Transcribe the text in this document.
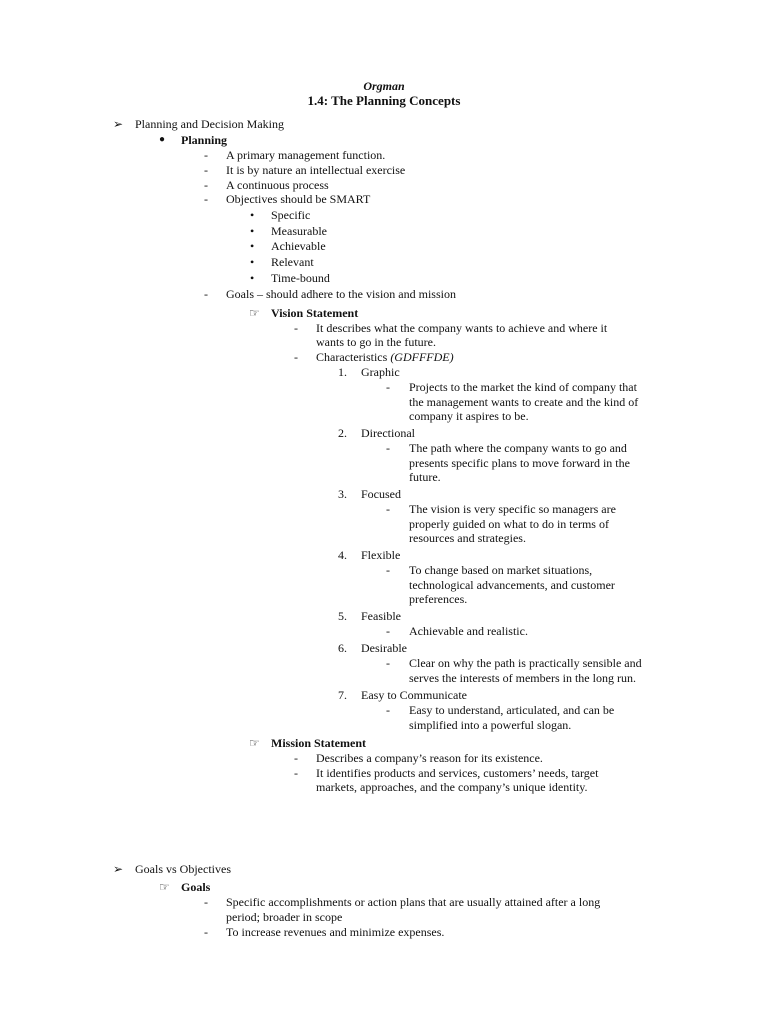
Orgman
1.4: The Planning Concepts
➢ Planning and Decision Making
● Planning
- A primary management function.
- It is by nature an intellectual exercise
- A continuous process
- Objectives should be SMART
• Specific
• Measurable
• Achievable
• Relevant
• Time-bound
- Goals – should adhere to the vision and mission
☞ Vision Statement
- It describes what the company wants to achieve and where it
wants to go in the future.
- Characteristics (GDFFFDE)
1. Graphic
- Projects to the market the kind of company that
the management wants to create and the kind of
company it aspires to be.
2. Directional
- The path where the company wants to go and
presents specific plans to move forward in the
future.
3. Focused
- The vision is very specific so managers are
properly guided on what to do in terms of
resources and strategies.
4. Flexible
- To change based on market situations,
technological advancements, and customer
preferences.
5. Feasible
- Achievable and realistic.
6. Desirable
- Clear on why the path is practically sensible and
serves the interests of members in the long run.
7. Easy to Communicate
- Easy to understand, articulated, and can be
simplified into a powerful slogan.
☞ Mission Statement
- Describes a company’s reason for its existence.
- It identifies products and services, customers’ needs, target
markets, approaches, and the company’s unique identity.
➢ Goals vs Objectives
☞ Goals
- Specific accomplishments or action plans that are usually attained after a long
period; broader in scope
- To increase revenues and minimize expenses.
